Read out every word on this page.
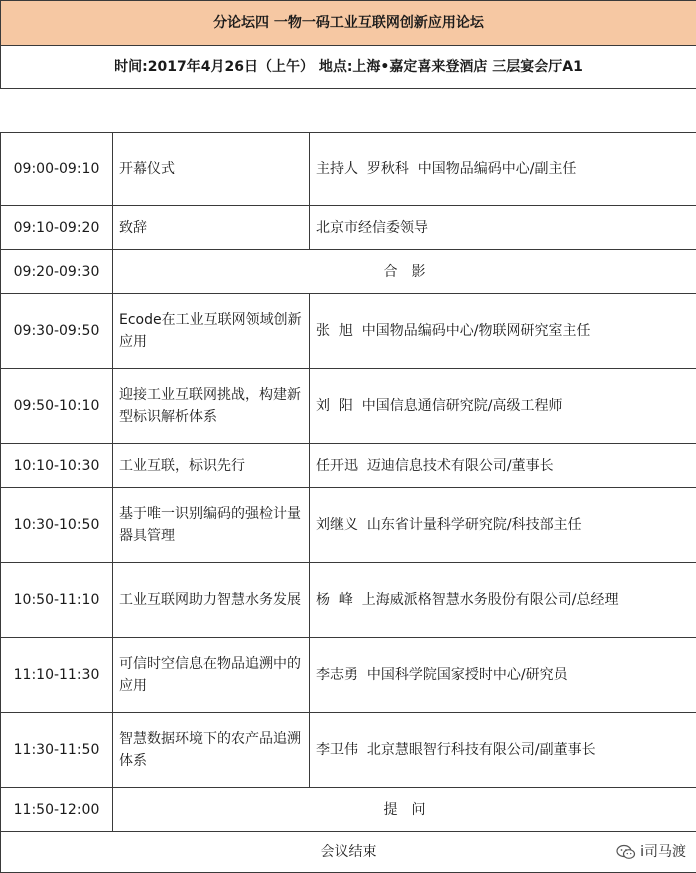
分论坛四 一物一码工业互联网创新应用论坛		
时间:2017年4月26日（上午） 地点:上海•嘉定喜来登酒店 三层宴会厅A1		

09:00-09:10	开幕仪式	主持人  罗秋科  中国物品编码中心/副主任
09:10-09:20	致辞	北京市经信委领导
09:20-09:30	合影	
09:30-09:50	Ecode在工业互联网领域创新应用	张  旭  中国物品编码中心/物联网研究室主任
09:50-10:10	迎接工业互联网挑战，构建新型标识解析体系	刘  阳  中国信息通信研究院/高级工程师
10:10-10:30	工业互联，标识先行	任开迅  迈迪信息技术有限公司/董事长
10:30-10:50	基于唯一识别编码的强检计量器具管理	刘继义  山东省计量科学研究院/科技部主任
10:50-11:10	工业互联网助力智慧水务发展	杨  峰  上海威派格智慧水务股份有限公司/总经理
11:10-11:30	可信时空信息在物品追溯中的应用	李志勇  中国科学院国家授时中心/研究员
11:30-11:50	智慧数据环境下的农产品追溯体系	李卫伟  北京慧眼智行科技有限公司/副董事长
11:50-12:00	提问	
会议结束 i司马渡		
